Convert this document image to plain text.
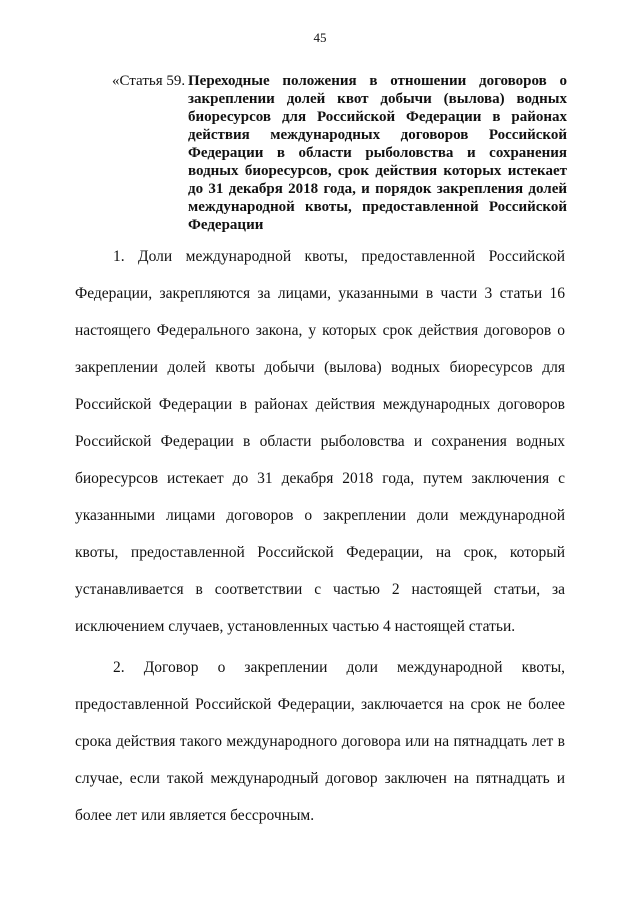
45
«Статья 59. Переходные положения в отношении договоров о закреплении долей квот добычи (вылова) водных биоресурсов для Российской Федерации в районах действия международных договоров Российской Федерации в области рыболовства и сохранения водных биоресурсов, срок действия которых истекает до 31 декабря 2018 года, и порядок закрепления долей международной квоты, предоставленной Российской Федерации

1. Доли международной квоты, предоставленной Российской Федерации, закрепляются за лицами, указанными в части 3 статьи 16 настоящего Федерального закона, у которых срок действия договоров о закреплении долей квоты добычи (вылова) водных биоресурсов для Российской Федерации в районах действия международных договоров Российской Федерации в области рыболовства и сохранения водных биоресурсов истекает до 31 декабря 2018 года, путем заключения с указанными лицами договоров о закреплении доли международной квоты, предоставленной Российской Федерации, на срок, который устанавливается в соответствии с частью 2 настоящей статьи, за исключением случаев, установленных частью 4 настоящей статьи.

2. Договор о закреплении доли международной квоты, предоставленной Российской Федерации, заключается на срок не более срока действия такого международного договора или на пятнадцать лет в случае, если такой международный договор заключен на пятнадцать и более лет или является бессрочным.
